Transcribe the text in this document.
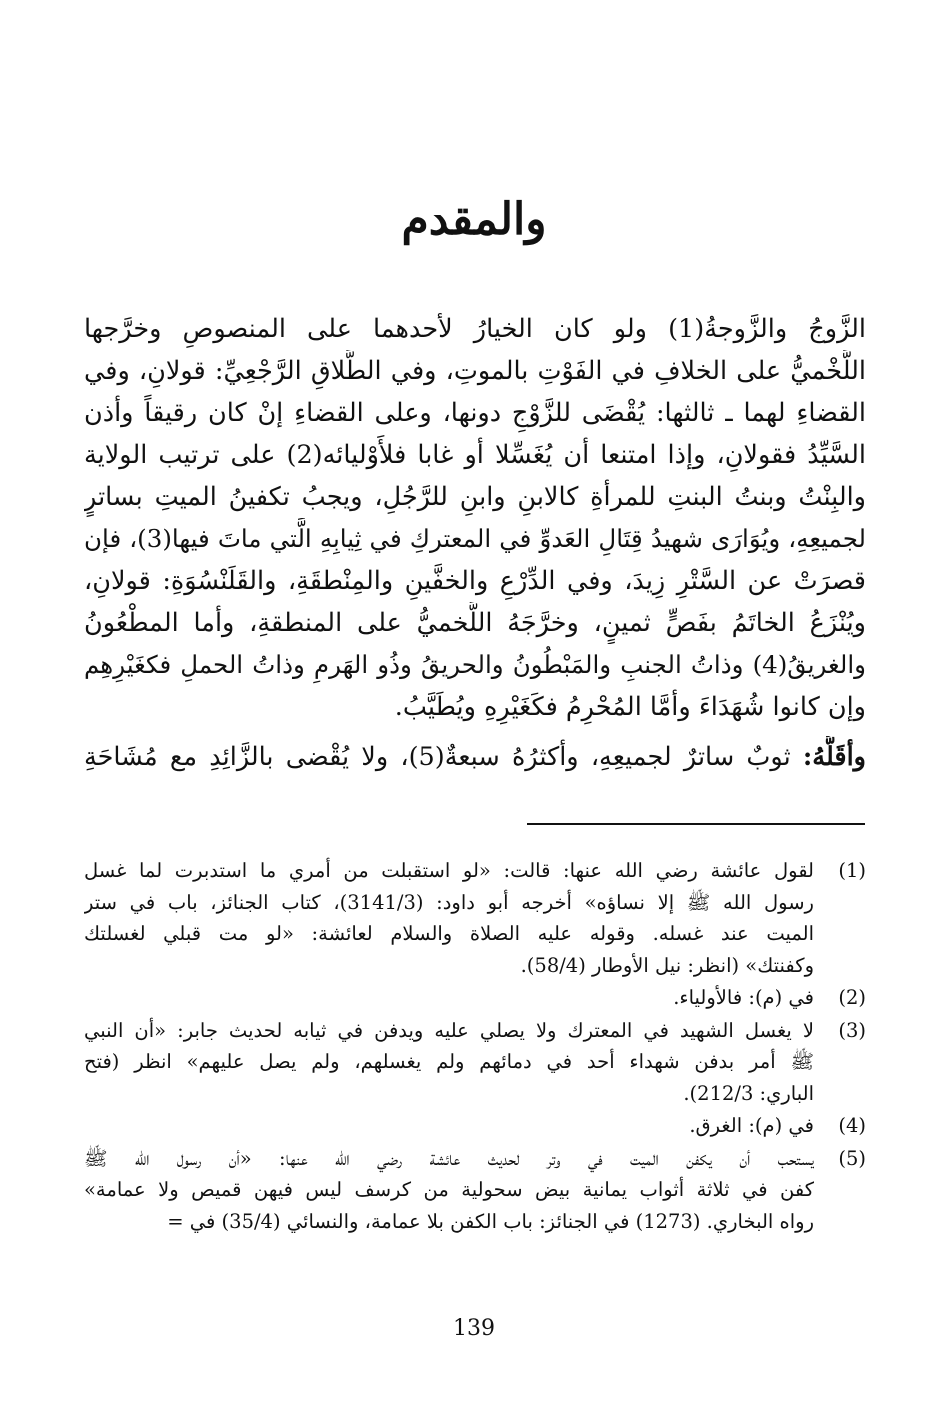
والمقدم
الزَّوجُ والزَّوجةُ(1) ولو كان الخيارُ لأحدهما على المنصوصِ وخرَّجها
اللَّخْميُّ على الخلافِ في الفَوْتِ بالموتِ، وفي الطَّلاقِ الرَّجْعِيِّ: قولانِ، وفي
القضاءِ لهما ـ ثالثها: يُقْضَى للزَّوْجِ دونها، وعلى القضاءِ إنْ كان رقيقاً وأذن
السَّيِّدُ فقولانِ، وإذا امتنعا أن يُغَسِّلا أو غابا فلأَوْليائه(2) على ترتيب الولاية
والبِنْتُ وبنتُ البنتِ للمرأةِ كالابنِ وابنِ للرَّجُلِ، ويجبُ تكفينُ الميتِ بساترٍ
لجميعِهِ، ويُوَارَى شهيدُ قِتَالِ العَدوِّ في المعتركِ في ثِيابِهِ الَّتي ماتَ فيها(3)، فإن
قصرَتْ عن السَّتْرِ زِيدَ، وفي الدِّرْعِ والخفَّينِ والمِنْطقَةِ، والقَلَنْسُوَةِ: قولانِ،
ويُنْزَعُ الخاتَمُ بفَصٍّ ثمينٍ، وخرَّجَهُ اللَّخميُّ على المنطقةِ، وأما المطْعُونُ
والغريقُ(4) وذاتُ الجنبِ والمَبْطُونُ والحريقُ وذُو الهَرمِ وذاتُ الحملِ فكغَيْرِهِم
وإن كانوا شُهَدَاءَ وأمَّا المُحْرِمُ فكَغَيْرِهِ ويُطَيَّبُ.
وأقَلُّهُ: ثوبٌ ساترٌ لجميعِهِ، وأكثرُهُ سبعةٌ(5)، ولا يُقْضى بالزَّائِدِ مع مُشَاحَةِ
(1)
لقول عائشة رضي الله عنها: قالت: «لو استقبلت من أمري ما استدبرت لما غسل
رسول الله ﷺ إلا نساؤه» أخرجه أبو داود: (3141/3)، كتاب الجنائز، باب في ستر
الميت عند غسله. وقوله عليه الصلاة والسلام لعائشة: «لو مت قبلي لغسلتك
وكفنتك» (انظر: نيل الأوطار (58/4).
(2)
في (م): فالأولياء.
(3)
لا يغسل الشهيد في المعترك ولا يصلي عليه ويدفن في ثيابه لحديث جابر: «أن النبي
ﷺ أمر بدفن شهداء أحد في دمائهم ولم يغسلهم، ولم يصل عليهم» انظر (فتح
الباري: 212/3).
(4)
في (م): الغرق.
(5)
يستحب أن يكفن الميت في وتر لحديث عائشة رضي الله عنها: «أن رسول الله ﷺ
كفن في ثلاثة أثواب يمانية بيض سحولية من كرسف ليس فيهن قميص ولا عمامة»
رواه البخاري. (1273) في الجنائز: باب الكفن بلا عمامة، والنسائي (35/4) في =
139
